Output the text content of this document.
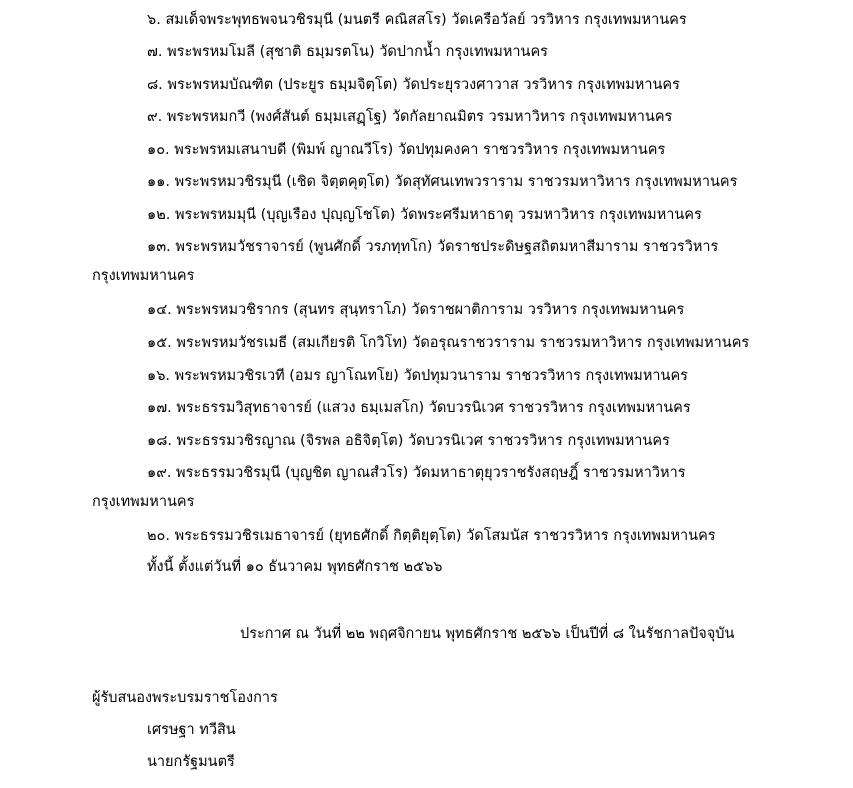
๖. สมเด็จพระพุทธพจนวชิรมุนี (มนตรี คณิสสโร) วัดเครือวัลย์ วรวิหาร กรุงเทพมหานคร
๗. พระพรหมโมลี (สุชาติ ธมฺมรตโน) วัดปากน้ำ กรุงเทพมหานคร
๘. พระพรหมบัณฑิต (ประยูร ธมฺมจิตฺโต) วัดประยุรวงศาวาส วรวิหาร กรุงเทพมหานคร
๙. พระพรหมกวี (พงศ์สันต์ ธมฺมเสฏฺโฐ) วัดกัลยาณมิตร วรมหาวิหาร กรุงเทพมหานคร
๑๐. พระพรหมเสนาบดี (พิมพ์ ญาณวีโร) วัดปทุมคงคา ราชวรวิหาร กรุงเทพมหานคร
๑๑. พระพรหมวชิรมุนี (เชิด จิตฺตคุตฺโต) วัดสุทัศนเทพวราราม ราชวรมหาวิหาร กรุงเทพมหานคร
๑๒. พระพรหมมุนี (บุญเรือง ปุญฺญโชโต) วัดพระศรีมหาธาตุ วรมหาวิหาร กรุงเทพมหานคร
๑๓. พระพรหมวัชราจารย์ (พูนศักดิ์ วรภทฺทโก) วัดราชประดิษฐสถิตมหาสีมาราม ราชวรวิหาร
กรุงเทพมหานคร
๑๔. พระพรหมวชิรากร (สุนทร สุนฺทราโภ) วัดราชผาติการาม วรวิหาร กรุงเทพมหานคร
๑๕. พระพรหมวัชรเมธี (สมเกียรติ โกวิโท) วัดอรุณราชวราราม ราชวรมหาวิหาร กรุงเทพมหานคร
๑๖. พระพรหมวชิรเวที (อมร ญาโณทโย) วัดปทุมวนาราม ราชวรวิหาร กรุงเทพมหานคร
๑๗. พระธรรมวิสุทธาจารย์ (แสวง ธมฺเมสโก) วัดบวรนิเวศ ราชวรวิหาร กรุงเทพมหานคร
๑๘. พระธรรมวชิรญาณ (จิรพล อธิจิตฺโต) วัดบวรนิเวศ ราชวรวิหาร กรุงเทพมหานคร
๑๙. พระธรรมวชิรมุนี (บุญชิต ญาณสํวโร) วัดมหาธาตุยุวราชรังสฤษฎิ์ ราชวรมหาวิหาร
กรุงเทพมหานคร
๒๐. พระธรรมวชิรเมธาจารย์ (ยุทธศักดิ์ กิตฺติยุตฺโต) วัดโสมนัส ราชวรวิหาร กรุงเทพมหานคร
ทั้งนี้ ตั้งแต่วันที่ ๑๐ ธันวาคม พุทธศักราช ๒๕๖๖
ประกาศ ณ วันที่ ๒๒ พฤศจิกายน พุทธศักราช ๒๕๖๖ เป็นปีที่ ๘ ในรัชกาลปัจจุบัน
ผู้รับสนองพระบรมราชโองการ
เศรษฐา ทวีสิน
นายกรัฐมนตรี
